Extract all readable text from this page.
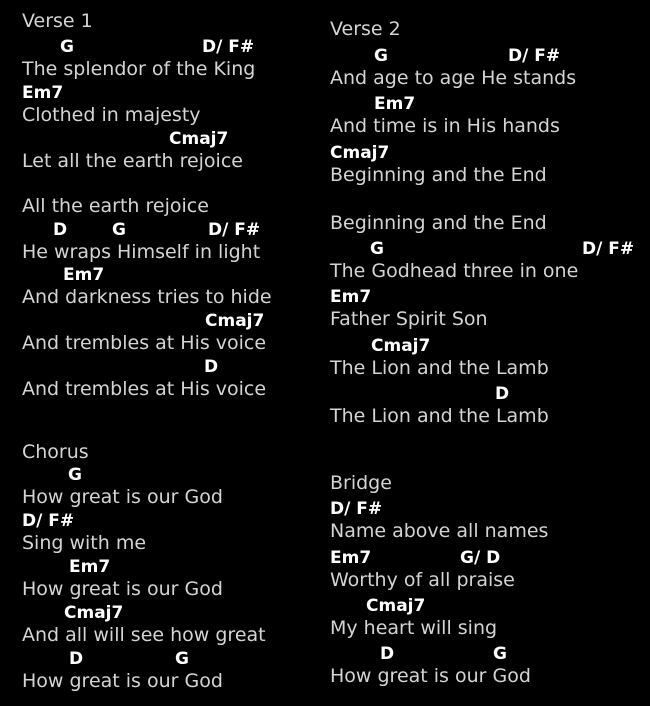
Verse 1
G	D/ F#
The splendor of the King
Em7
Clothed in majesty
Cmaj7
Let all the earth rejoice
All the earth rejoice
D	G	D/ F#
He wraps Himself in light
Em7
And darkness tries to hide
Cmaj7
And trembles at His voice
D
And trembles at His voice
Chorus
G
How great is our God
D/ F#
Sing with me
Em7
How great is our God
Cmaj7
And all will see how great
D	G
How great is our God
Verse 2
G	D/ F#
And age to age He stands
Em7
And time is in His hands
Cmaj7
Beginning and the End
Beginning and the End
G	D/ F#
The Godhead three in one
Em7
Father Spirit Son
Cmaj7
The Lion and the Lamb
D
The Lion and the Lamb
Bridge
D/ F#
Name above all names
Em7	G/ D
Worthy of all praise
Cmaj7
My heart will sing
D	G
How great is our God
